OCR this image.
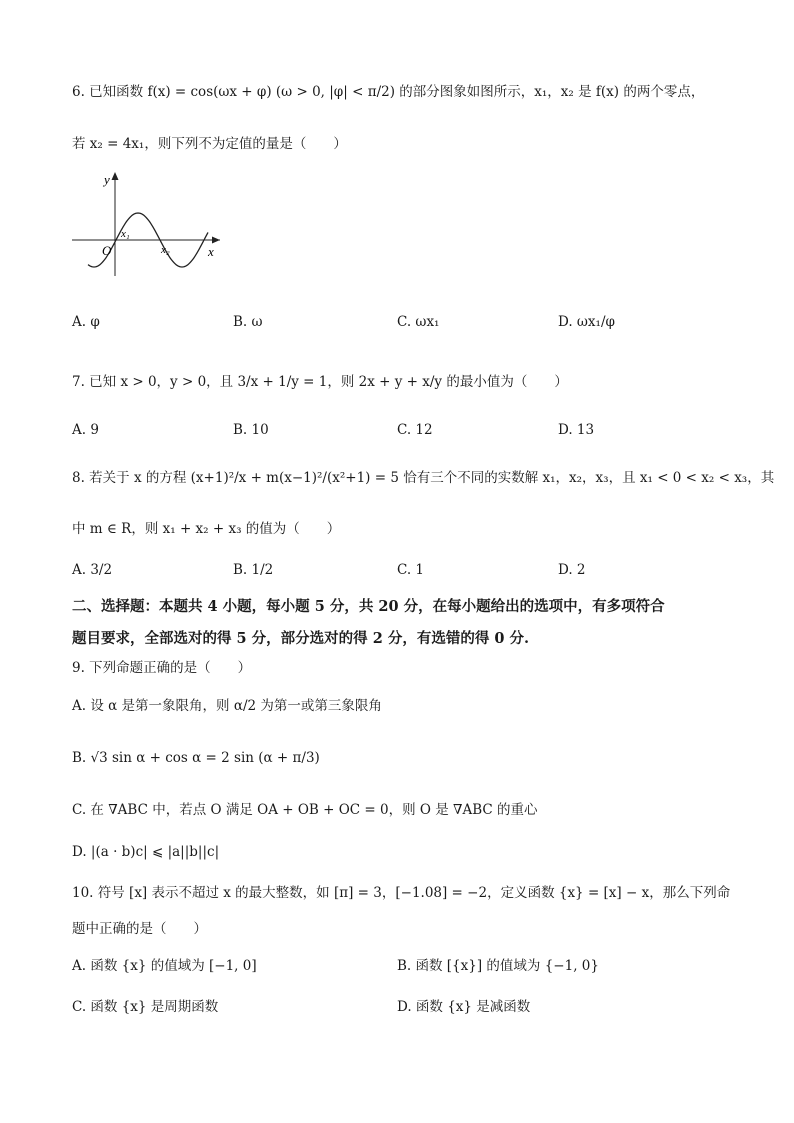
6. 已知函数 f(x) = cos(ωx + φ) (ω > 0, |φ| < π/2) 的部分图象如图所示，x₁，x₂ 是 f(x) 的两个零点，
若 x₂ = 4x₁，则下列不为定值的量是（　　）
y
x
O
x₁
x₂
A. φ	B. ω	C. ωx₁	D. ωx₁/φ
7. 已知 x > 0，y > 0，且 3/x + 1/y = 1，则 2x + y + x/y 的最小值为（　　）
A. 9	B. 10	C. 12	D. 13
8. 若关于 x 的方程 (x+1)²/x + m(x−1)²/(x²+1) = 5 恰有三个不同的实数解 x₁，x₂，x₃，且 x₁ < 0 < x₂ < x₃，其
中 m ∈ R，则 x₁ + x₂ + x₃ 的值为（　　）
A. 3/2	B. 1/2	C. 1	D. 2
二、选择题：本题共 4 小题，每小题 5 分，共 20 分，在每小题给出的选项中，有多项符合
题目要求，全部选对的得 5 分，部分选对的得 2 分，有选错的得 0 分.
9. 下列命题正确的是（　　）
A. 设 α 是第一象限角，则 α/2 为第一或第三象限角
B. √3 sin α + cos α = 2 sin (α + π/3)
C. 在 ∇ABC 中，若点 O 满足 OA + OB + OC = 0，则 O 是 ∇ABC 的重心
D. |(a · b)c| ⩽ |a||b||c|
10. 符号 [x] 表示不超过 x 的最大整数，如 [π] = 3，[−1.08] = −2，定义函数 {x} = [x] − x，那么下列命
题中正确的是（　　）
A. 函数 {x} 的值域为 [−1, 0]	B. 函数 [{x}] 的值域为 {−1, 0}
C. 函数 {x} 是周期函数	D. 函数 {x} 是减函数
